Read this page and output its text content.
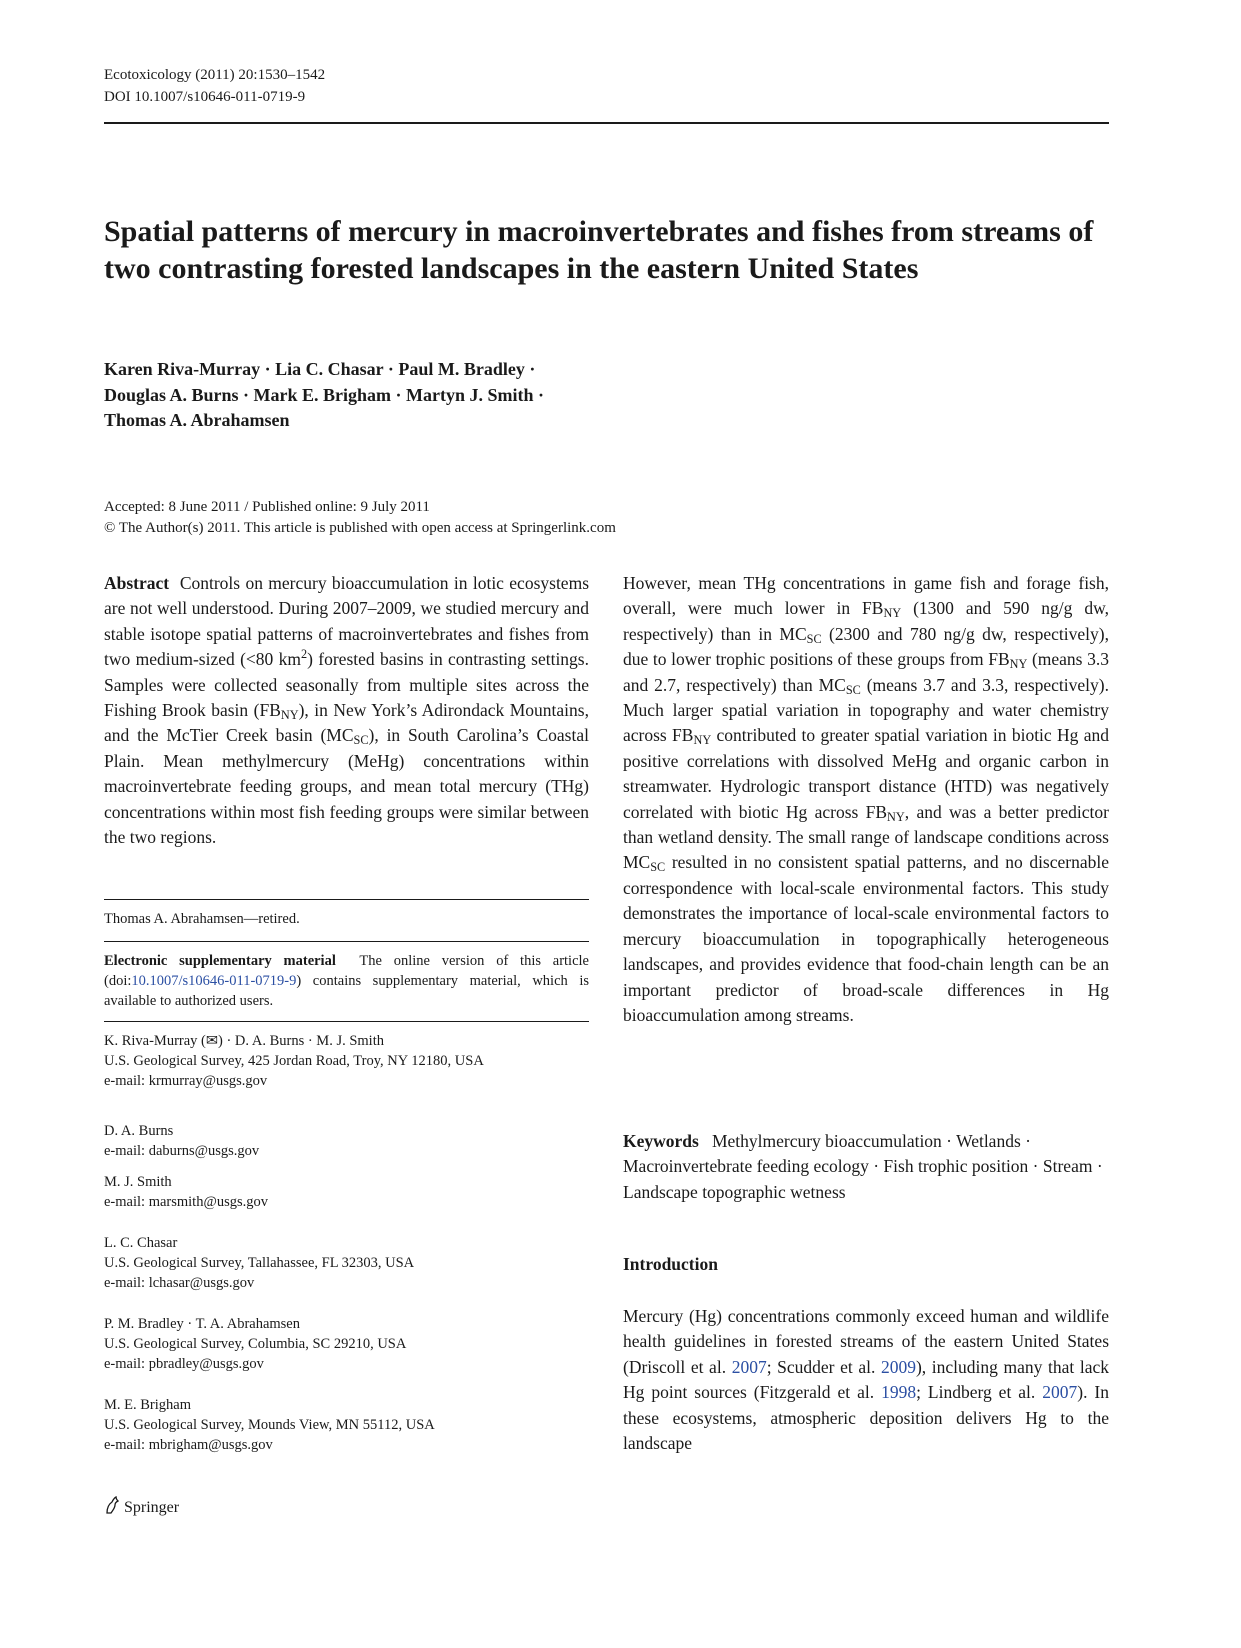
Ecotoxicology (2011) 20:1530–1542
DOI 10.1007/s10646-011-0719-9
Spatial patterns of mercury in macroinvertebrates and fishes from streams of two contrasting forested landscapes in the eastern United States
Karen Riva-Murray · Lia C. Chasar · Paul M. Bradley ·
Douglas A. Burns · Mark E. Brigham · Martyn J. Smith ·
Thomas A. Abrahamsen
Accepted: 8 June 2011 / Published online: 9 July 2011
© The Author(s) 2011. This article is published with open access at Springerlink.com
Abstract Controls on mercury bioaccumulation in lotic ecosystems are not well understood. During 2007–2009, we studied mercury and stable isotope spatial patterns of macroinvertebrates and fishes from two medium-sized (<80 $km^2$) forested basins in contrasting settings. Samples were collected seasonally from multiple sites across the Fishing Brook basin $(FB_{NY})$, in New York’s Adirondack Mountains, and the McTier Creek basin $(MC_{SC})$, in South Carolina’s Coastal Plain. Mean methylmercury (MeHg) concentrations within macroinvertebrate feeding groups, and mean total mercury (THg) concentrations within most fish feeding groups were similar between the two regions.
Thomas A. Abrahamsen—retired.
Electronic supplementary material The online version of this article (doi:10.1007/s10646-011-0719-9) contains supplementary material, which is available to authorized users.
K. Riva-Murray (✉) · D. A. Burns · M. J. Smith
U.S. Geological Survey, 425 Jordan Road, Troy, NY 12180, USA
e-mail: krmurray@usgs.gov
D. A. Burns
e-mail: daburns@usgs.gov
M. J. Smith
e-mail: marsmith@usgs.gov
L. C. Chasar
U.S. Geological Survey, Tallahassee, FL 32303, USA
e-mail: lchasar@usgs.gov
P. M. Bradley · T. A. Abrahamsen
U.S. Geological Survey, Columbia, SC 29210, USA
e-mail: pbradley@usgs.gov
M. E. Brigham
U.S. Geological Survey, Mounds View, MN 55112, USA
e-mail: mbrigham@usgs.gov
However, mean THg concentrations in game fish and forage fish, overall, were much lower in $FB_{NY}$ (1300 and 590 ng/g dw, respectively) than in $MC_{SC}$ (2300 and 780 ng/g dw, respectively), due to lower trophic positions of these groups from $FB_{NY}$ (means 3.3 and 2.7, respectively) than $MC_{SC}$ (means 3.7 and 3.3, respectively). Much larger spatial variation in topography and water chemistry across $FB_{NY}$ contributed to greater spatial variation in biotic Hg and positive correlations with dissolved MeHg and organic carbon in streamwater. Hydrologic transport distance (HTD) was negatively correlated with biotic Hg across $FB_{NY}$, and was a better predictor than wetland density. The small range of landscape conditions across $MC_{SC}$ resulted in no consistent spatial patterns, and no discernable correspondence with local-scale environmental factors. This study demonstrates the importance of local-scale environmental factors to mercury bioaccumulation in topographically heterogeneous landscapes, and provides evidence that food-chain length can be an important predictor of broad-scale differences in Hg bioaccumulation among streams.
Keywords Methylmercury bioaccumulation · Wetlands · Macroinvertebrate feeding ecology · Fish trophic position · Stream · Landscape topographic wetness
Introduction
Mercury (Hg) concentrations commonly exceed human and wildlife health guidelines in forested streams of the eastern United States (Driscoll et al. 2007; Scudder et al. 2009), including many that lack Hg point sources (Fitzgerald et al. 1998; Lindberg et al. 2007). In these ecosystems, atmospheric deposition delivers Hg to the landscape
Springer
